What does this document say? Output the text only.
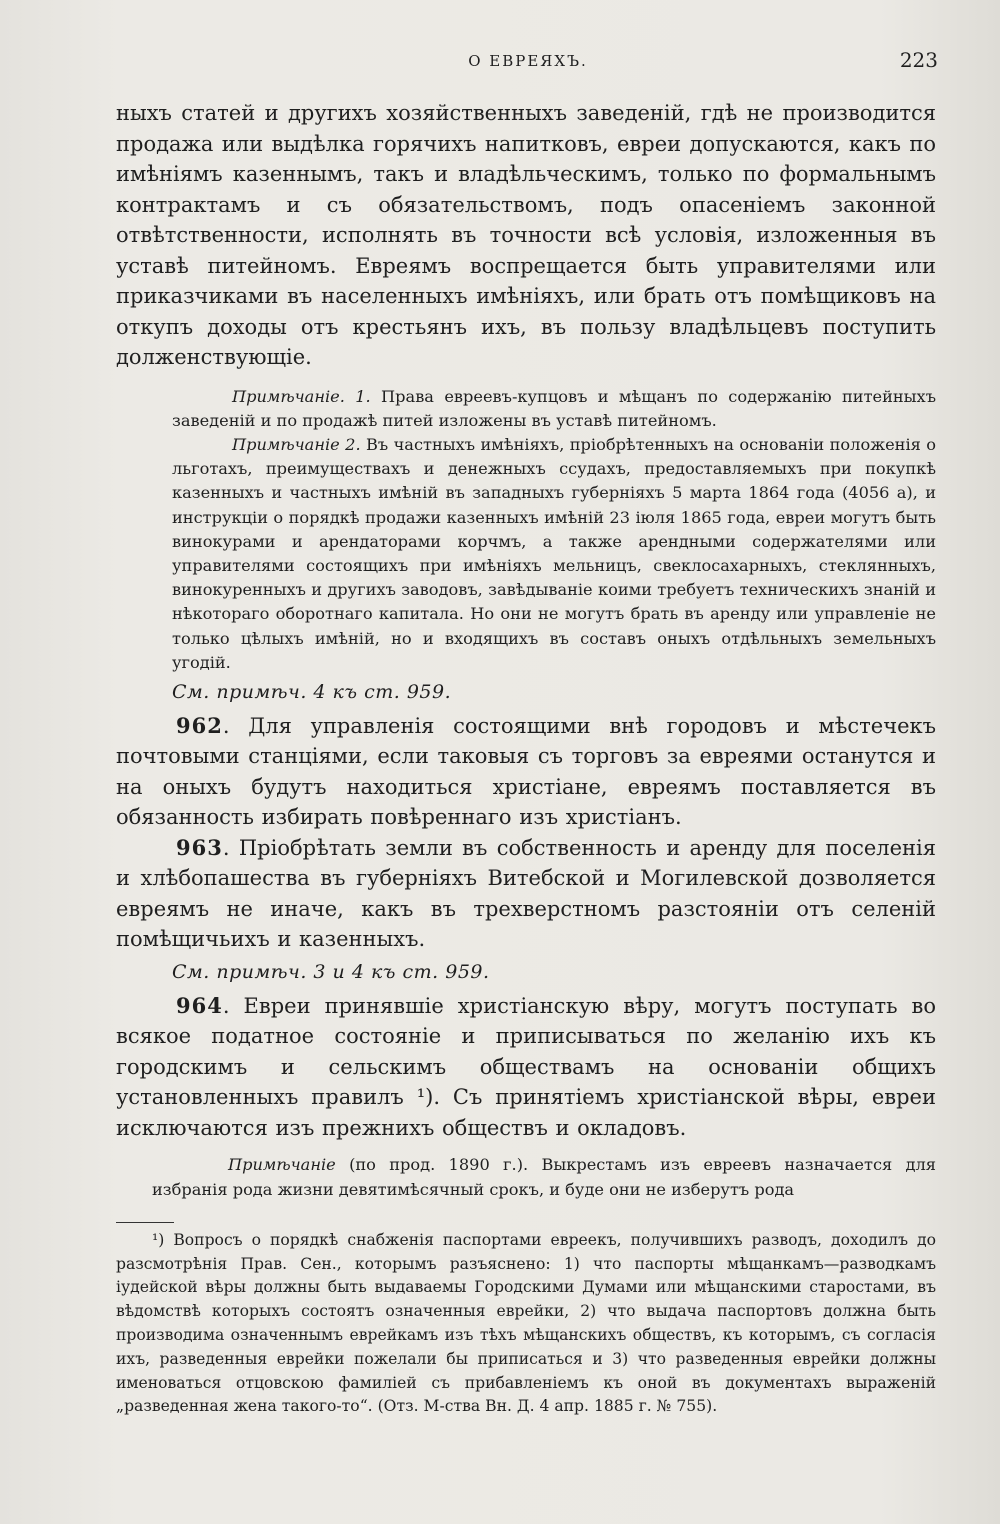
О ЕВРЕЯХЪ.	223

ныхъ статей и другихъ хозяйственныхъ заведеній, гдѣ не производится продажа или выдѣлка горячихъ напитковъ, евреи допускаются, какъ по имѣніямъ казеннымъ, такъ и владѣльческимъ, только по формальнымъ контрактамъ и съ обязательствомъ, подъ опасеніемъ законной отвѣтственности, исполнять въ точности всѣ условія, изложенныя въ уставѣ питейномъ. Евреямъ воспрещается быть управителями или приказчиками въ населенныхъ имѣніяхъ, или брать отъ помѣщиковъ на откупъ доходы отъ крестьянъ ихъ, въ пользу владѣльцевъ поступить долженствующіе.

Примѣчаніе. 1. Права евреевъ-купцовъ и мѣщанъ по содержанію питейныхъ заведеній и по продажѣ питей изложены въ уставѣ питейномъ.

Примѣчаніе 2. Въ частныхъ имѣніяхъ, пріобрѣтенныхъ на основаніи положенія о льготахъ, преимуществахъ и денежныхъ ссудахъ, предоставляемыхъ при покупкѣ казенныхъ и частныхъ имѣній въ западныхъ губерніяхъ 5 марта 1864 года (4056 а), и инструкціи о порядкѣ продажи казенныхъ имѣній 23 іюля 1865 года, евреи могутъ быть винокурами и арендаторами корчмъ, а также арендными содержателями или управителями состоящихъ при имѣніяхъ мельницъ, свеклосахарныхъ, стеклянныхъ, винокуренныхъ и другихъ заводовъ, завѣдываніе коими требуетъ техническихъ знаній и нѣкотораго оборотнаго капитала. Но они не могутъ брать въ аренду или управленіе не только цѣлыхъ имѣній, но и входящихъ въ составъ оныхъ отдѣльныхъ земельныхъ угодій.

См. примѣч. 4 къ ст. 959.

962. Для управленія состоящими внѣ городовъ и мѣстечекъ почтовыми станціями, если таковыя съ торговъ за евреями останутся и на оныхъ будутъ находиться христіане, евреямъ поставляется въ обязанность избирать повѣреннаго изъ христіанъ.

963. Пріобрѣтать земли въ собственность и аренду для поселенія и хлѣбопашества въ губерніяхъ Витебской и Могилевской дозволяется евреямъ не иначе, какъ въ трехверстномъ разстояніи отъ селеній помѣщичьихъ и казенныхъ.

См. примѣч. 3 и 4 къ ст. 959.

964. Евреи принявшіе христіанскую вѣру, могутъ поступать во всякое податное состояніе и приписываться по желанію ихъ къ городскимъ и сельскимъ обществамъ на основаніи общихъ установленныхъ правилъ ¹). Съ принятіемъ христіанской вѣры, евреи исключаются изъ прежнихъ обществъ и окладовъ.

Примѣчаніе (по прод. 1890 г.). Выкрестамъ изъ евреевъ назначается для избранія рода жизни девятимѣсячный срокъ, и буде они не изберутъ рода

¹) Вопросъ о порядкѣ снабженія паспортами еврeекъ, получившихъ разводъ, доходилъ до разсмотрѣнія Прав. Сен., которымъ разъяснено: 1) что паспорты мѣщанкамъ—разводкамъ іудейской вѣры должны быть выдаваемы Городскими Думами или мѣщанскими старостами, въ вѣдомствѣ которыхъ состоятъ означенныя еврейки, 2) что выдача паспортовъ должна быть производима означеннымъ еврейкамъ изъ тѣхъ мѣщанскихъ обществъ, къ которымъ, съ согласія ихъ, разведенныя еврейки пожелали бы приписаться и 3) что разведенныя еврейки должны именоваться отцовскою фамиліей съ прибавленіемъ къ оной въ документахъ выраженій „разведенная жена такого-то“. (Отз. М-ства Вн. Д. 4 апр. 1885 г. № 755).
